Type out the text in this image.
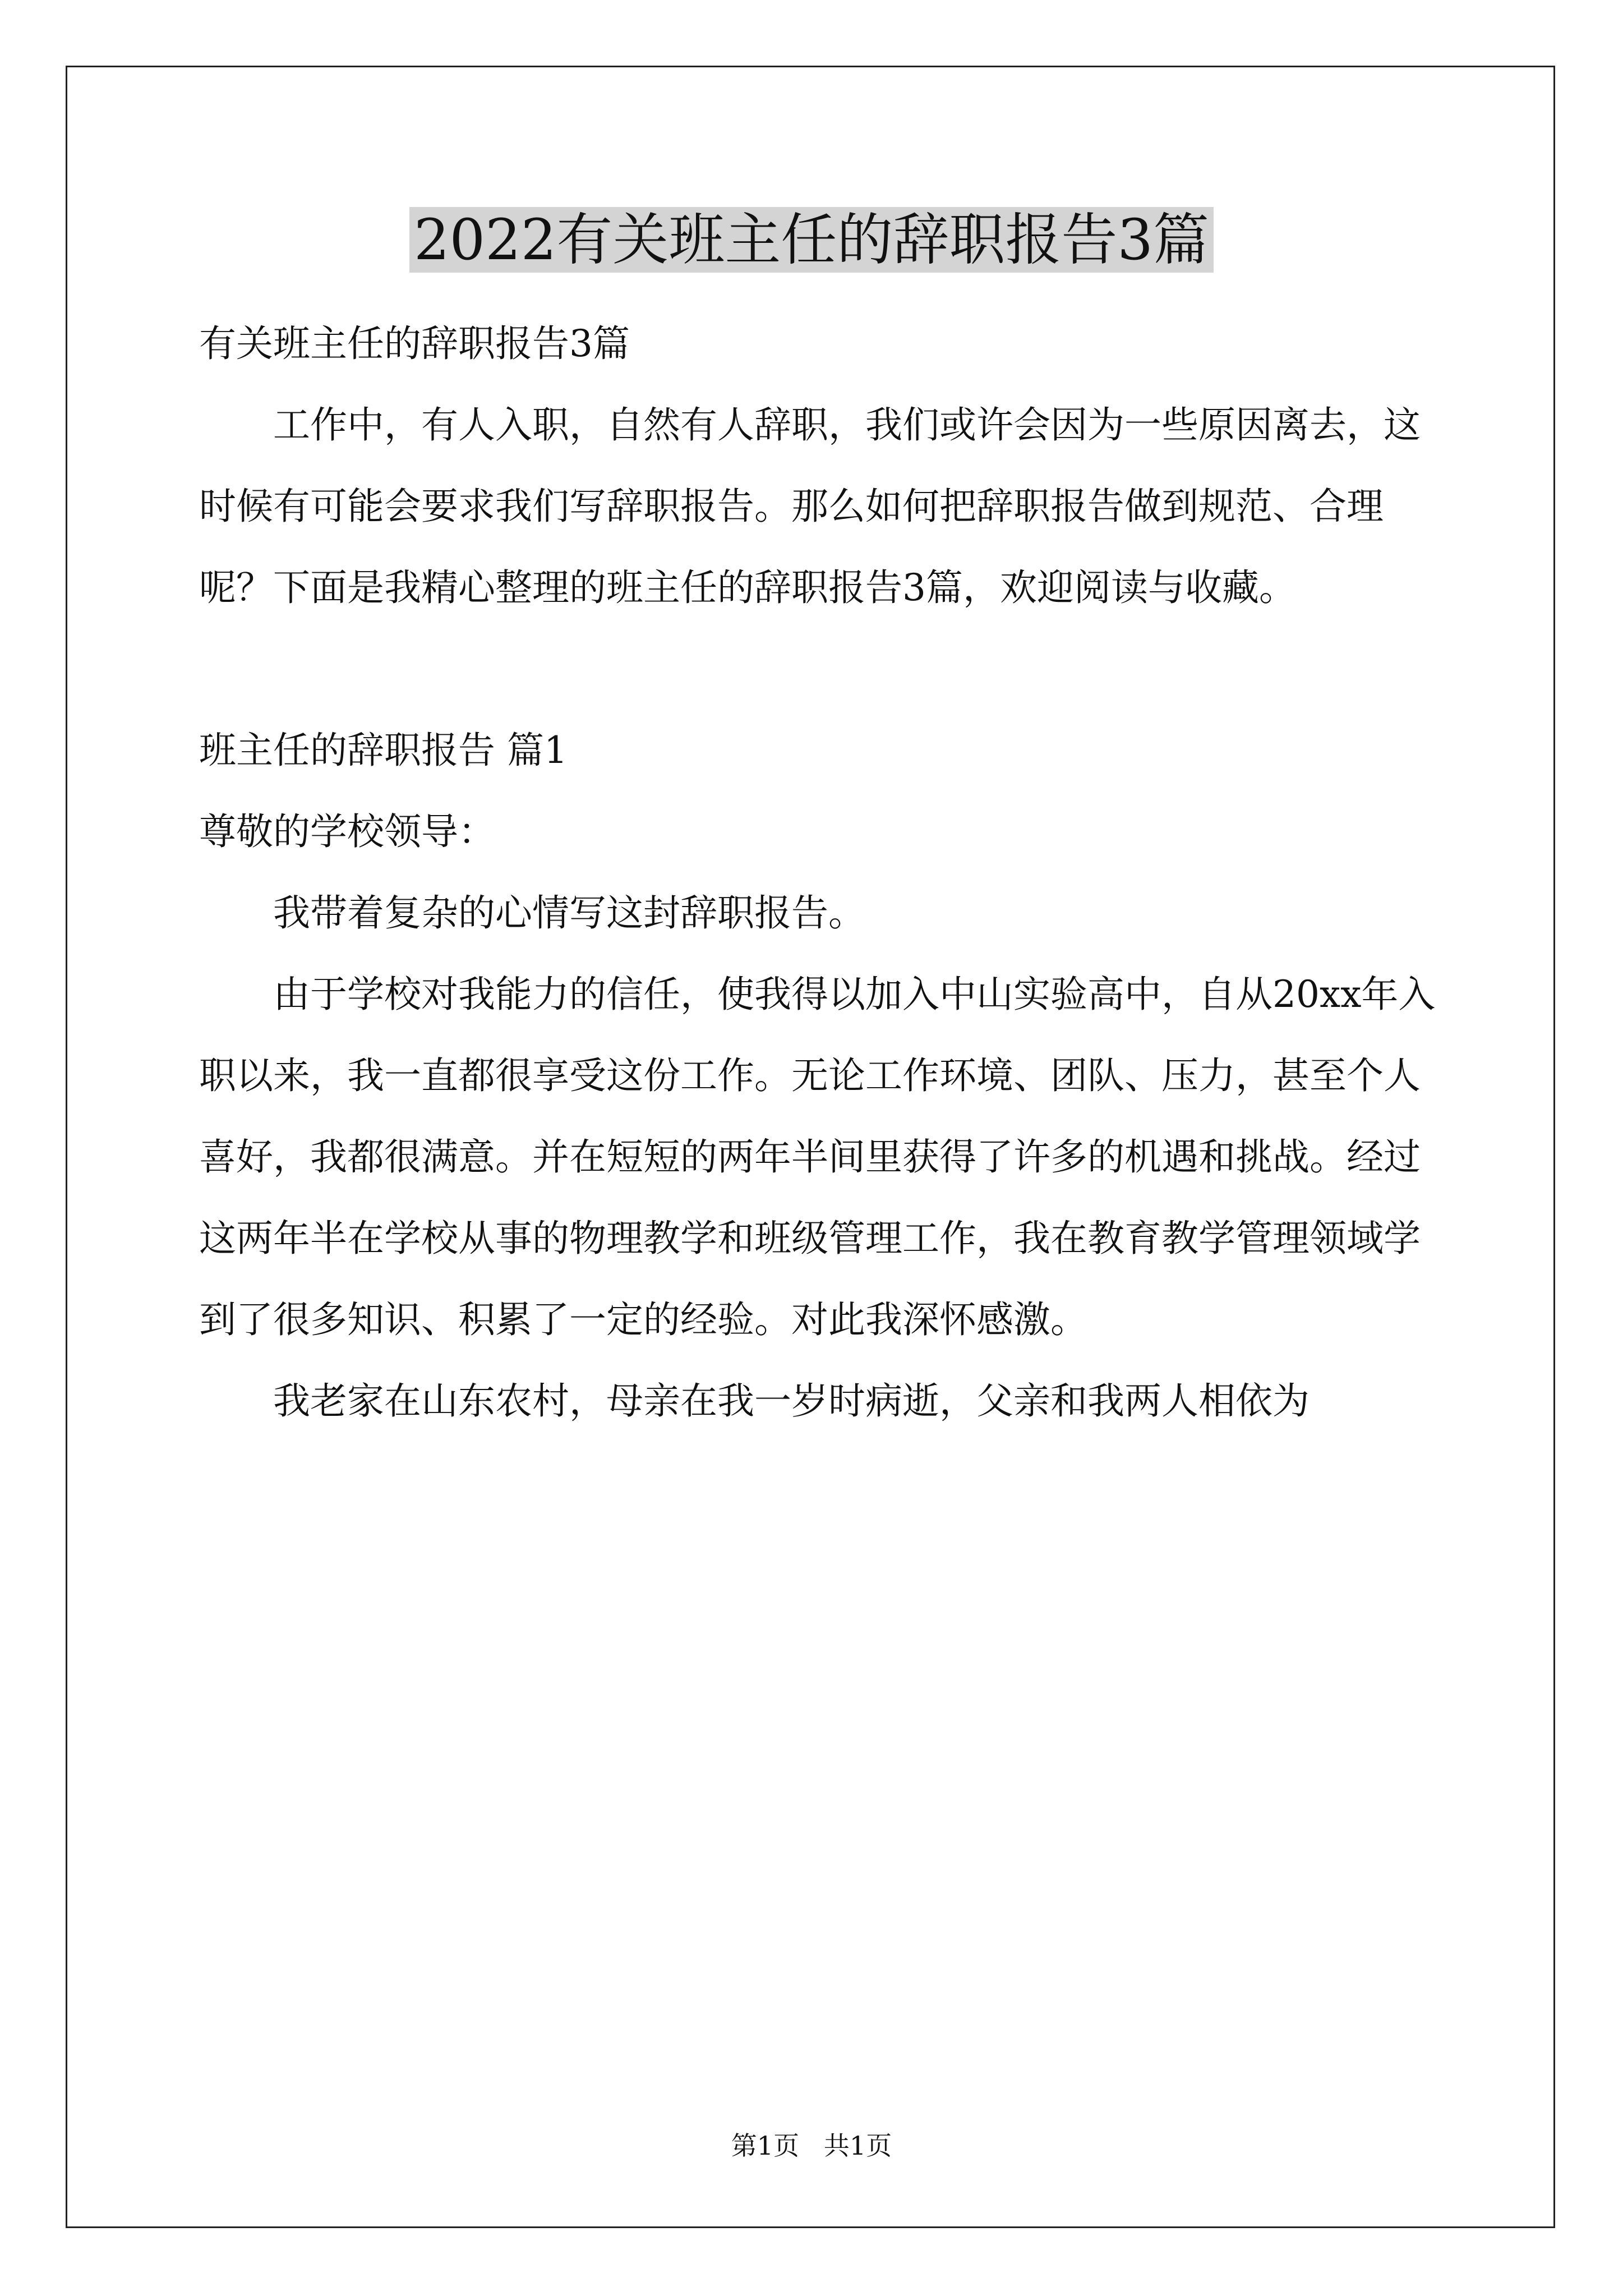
2022有关班主任的辞职报告3篇

有关班主任的辞职报告3篇

工作中，有人入职，自然有人辞职，我们或许会因为一些原因离去，这时候有可能会要求我们写辞职报告。那么如何把辞职报告做到规范、合理呢？下面是我精心整理的班主任的辞职报告3篇，欢迎阅读与收藏。

班主任的辞职报告 篇1

尊敬的学校领导：

我带着复杂的心情写这封辞职报告。

由于学校对我能力的信任，使我得以加入中山实验高中，自从20xx年入职以来，我一直都很享受这份工作。无论工作环境、团队、压力，甚至个人喜好，我都很满意。并在短短的两年半间里获得了许多的机遇和挑战。经过这两年半在学校从事的物理教学和班级管理工作，我在教育教学管理领域学到了很多知识、积累了一定的经验。对此我深怀感激。

我老家在山东农村，母亲在我一岁时病逝，父亲和我两人相依为

第1页   共1页
